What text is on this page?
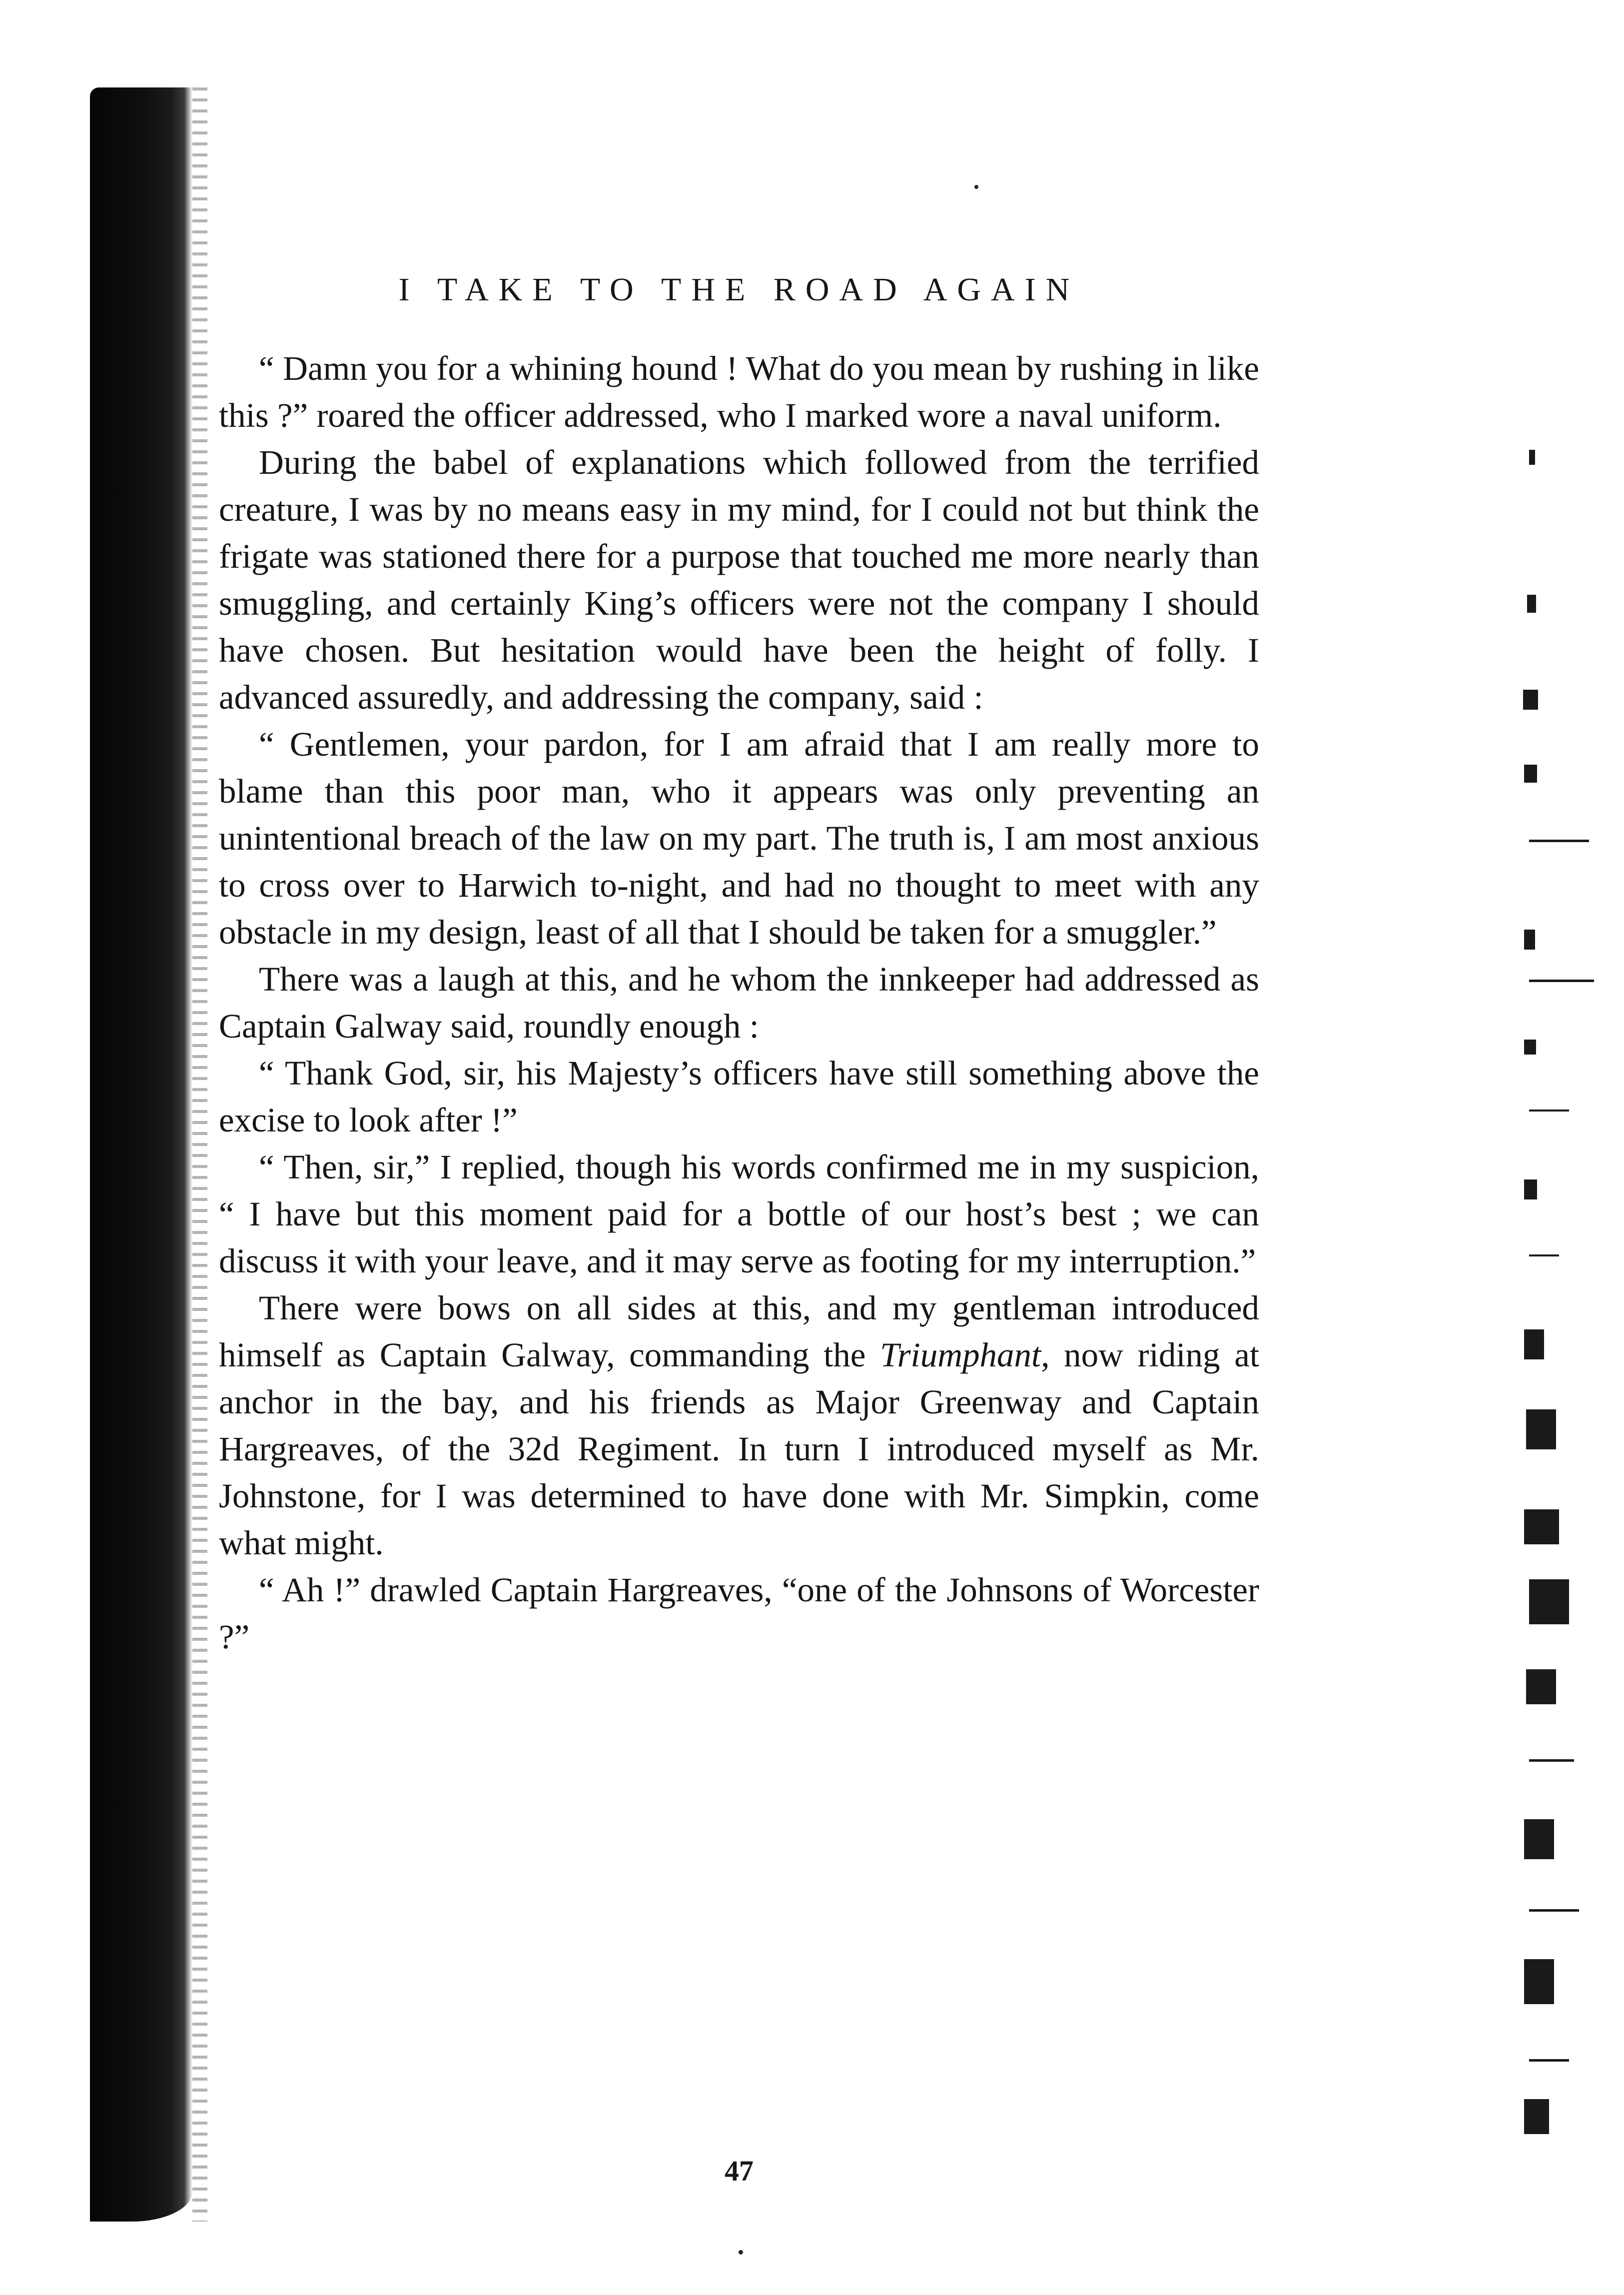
I TAKE TO THE ROAD AGAIN

“ Damn you for a whining hound ! What do you mean by rushing in like this ?” roared the officer addressed, who I marked wore a naval uniform.

During the babel of explanations which followed from the terrified creature, I was by no means easy in my mind, for I could not but think the frigate was stationed there for a purpose that touched me more nearly than smuggling, and certainly King’s officers were not the company I should have chosen. But hesitation would have been the height of folly. I advanced assuredly, and addressing the company, said :

“ Gentlemen, your pardon, for I am afraid that I am really more to blame than this poor man, who it appears was only preventing an unintentional breach of the law on my part. The truth is, I am most anxious to cross over to Harwich to-night, and had no thought to meet with any obstacle in my design, least of all that I should be taken for a smuggler.”

There was a laugh at this, and he whom the innkeeper had addressed as Captain Galway said, roundly enough :

“ Thank God, sir, his Majesty’s officers have still something above the excise to look after !”

“ Then, sir,” I replied, though his words confirmed me in my suspicion, “ I have but this moment paid for a bottle of our host’s best ; we can discuss it with your leave, and it may serve as footing for my interruption.”

There were bows on all sides at this, and my gentleman introduced himself as Captain Galway, commanding the Triumphant, now riding at anchor in the bay, and his friends as Major Greenway and Captain Hargreaves, of the 32d Regiment. In turn I introduced myself as Mr. Johnstone, for I was determined to have done with Mr. Simpkin, come what might.

“ Ah !” drawled Captain Hargreaves, “one of the Johnsons of Worcester ?”

47
